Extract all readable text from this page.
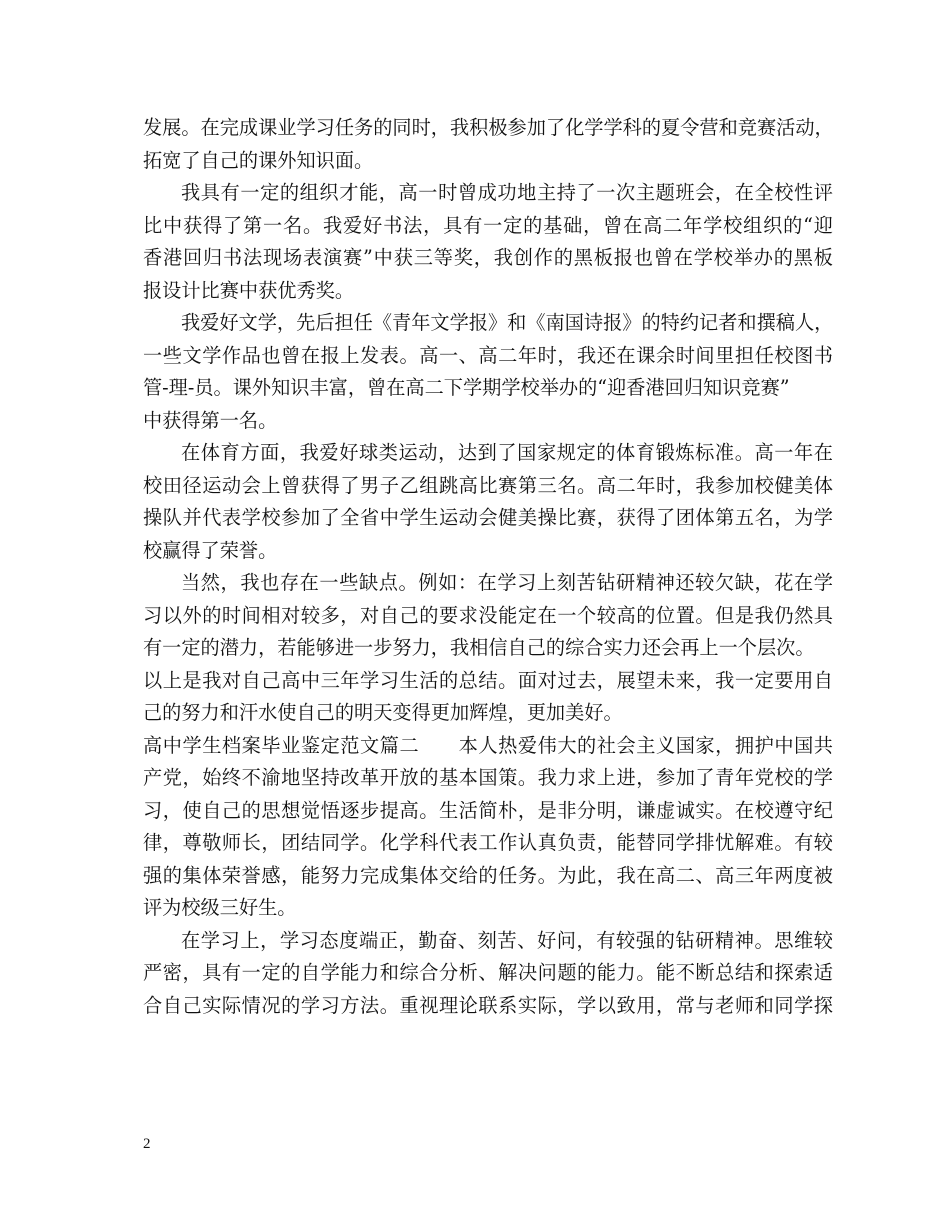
发展。在完成课业学习任务的同时，我积极参加了化学学科的夏令营和竞赛活动，
拓宽了自己的课外知识面。
我具有一定的组织才能，高一时曾成功地主持了一次主题班会，在全校性评
比中获得了第一名。我爱好书法，具有一定的基础，曾在高二年学校组织的“迎
香港回归书法现场表演赛”中获三等奖，我创作的黑板报也曾在学校举办的黑板
报设计比赛中获优秀奖。
我爱好文学，先后担任《青年文学报》和《南国诗报》的特约记者和撰稿人，
一些文学作品也曾在报上发表。高一、高二年时，我还在课余时间里担任校图书
管-理-员。课外知识丰富，曾在高二下学期学校举办的“迎香港回归知识竞赛”
中获得第一名。
在体育方面，我爱好球类运动，达到了国家规定的体育锻炼标准。高一年在
校田径运动会上曾获得了男子乙组跳高比赛第三名。高二年时，我参加校健美体
操队并代表学校参加了全省中学生运动会健美操比赛，获得了团体第五名，为学
校赢得了荣誉。
当然，我也存在一些缺点。例如：在学习上刻苦钻研精神还较欠缺，花在学
习以外的时间相对较多，对自己的要求没能定在一个较高的位置。但是我仍然具
有一定的潜力，若能够进一步努力，我相信自己的综合实力还会再上一个层次。
以上是我对自己高中三年学习生活的总结。面对过去，展望未来，我一定要用自
己的努力和汗水使自己的明天变得更加辉煌，更加美好。
高中学生档案毕业鉴定范文篇二　　本人热爱伟大的社会主义国家，拥护中国共
产党，始终不渝地坚持改革开放的基本国策。我力求上进，参加了青年党校的学
习，使自己的思想觉悟逐步提高。生活简朴，是非分明，谦虚诚实。在校遵守纪
律，尊敬师长，团结同学。化学科代表工作认真负责，能替同学排忧解难。有较
强的集体荣誉感，能努力完成集体交给的任务。为此，我在高二、高三年两度被
评为校级三好生。
在学习上，学习态度端正，勤奋、刻苦、好问，有较强的钻研精神。思维较
严密，具有一定的自学能力和综合分析、解决问题的能力。能不断总结和探索适
合自己实际情况的学习方法。重视理论联系实际，学以致用，常与老师和同学探
2
